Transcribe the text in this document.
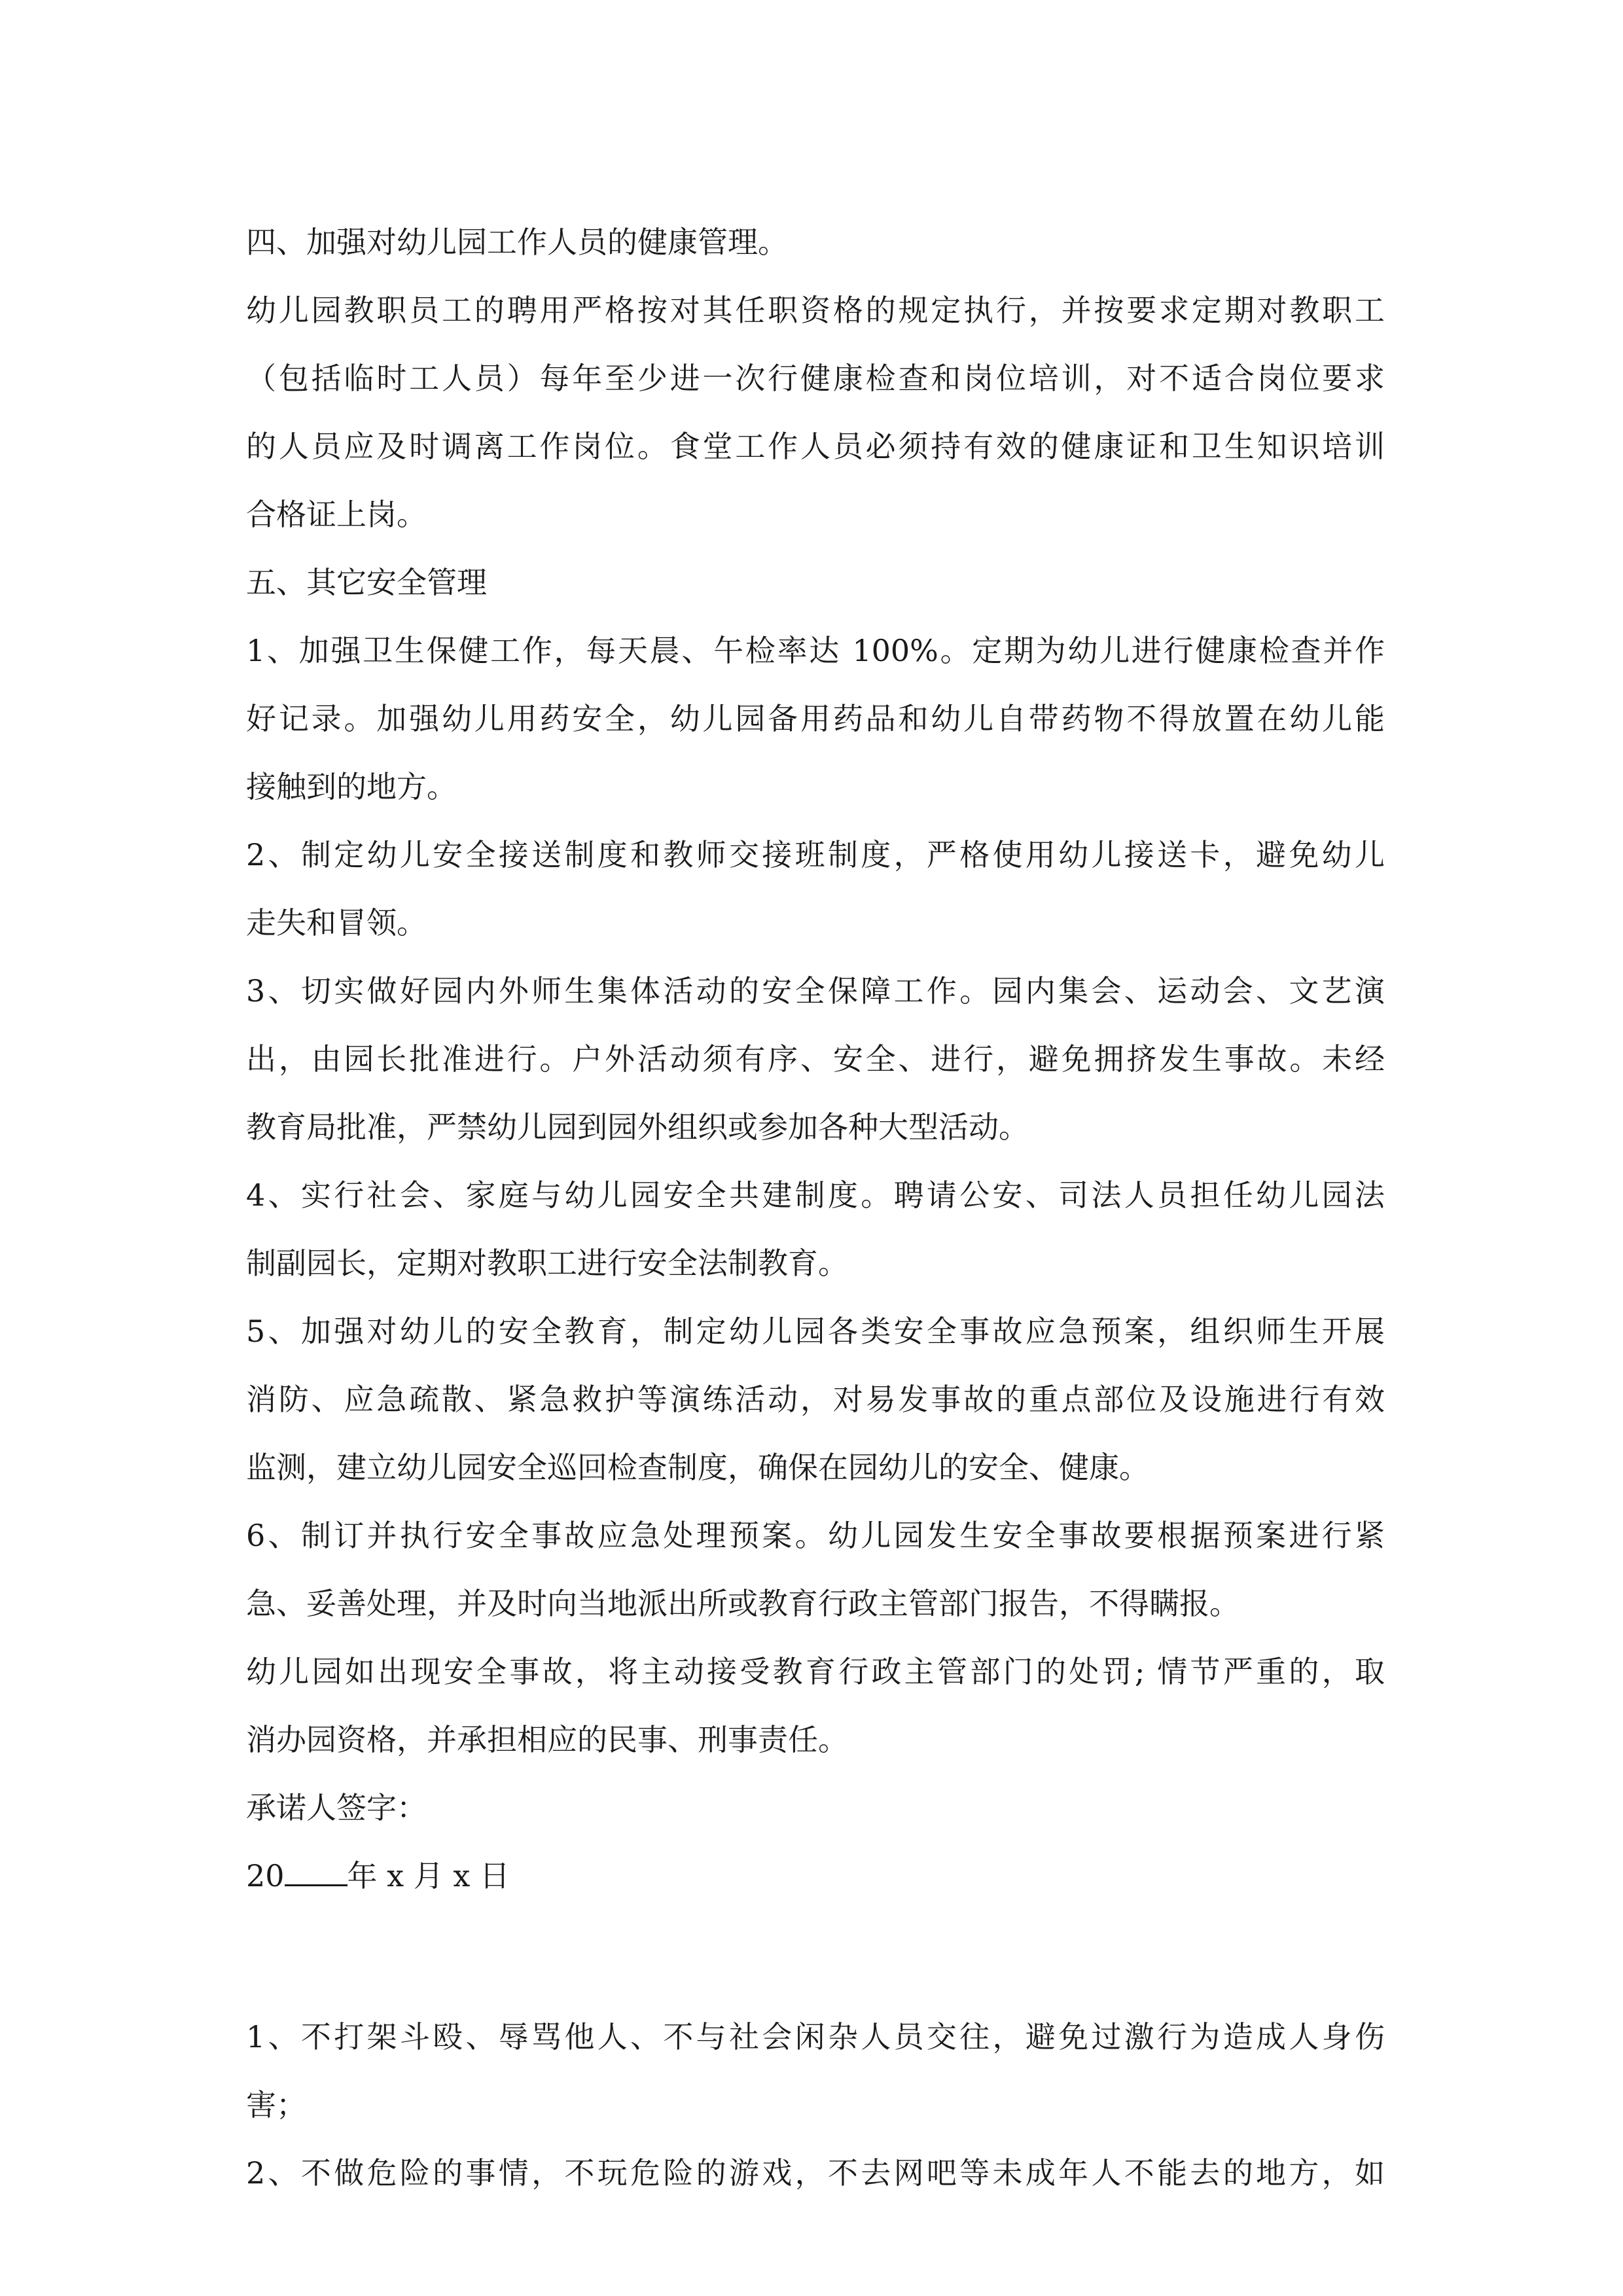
四、加强对幼儿园工作人员的健康管理。

幼儿园教职员工的聘用严格按对其任职资格的规定执行，并按要求定期对教职工

（包括临时工人员）每年至少进一次行健康检查和岗位培训，对不适合岗位要求

的人员应及时调离工作岗位。食堂工作人员必须持有效的健康证和卫生知识培训

合格证上岗。

五、其它安全管理

1、加强卫生保健工作，每天晨、午检率达 100%。定期为幼儿进行健康检查并作

好记录。加强幼儿用药安全，幼儿园备用药品和幼儿自带药物不得放置在幼儿能

接触到的地方。

2、制定幼儿安全接送制度和教师交接班制度，严格使用幼儿接送卡，避免幼儿

走失和冒领。

3、切实做好园内外师生集体活动的安全保障工作。园内集会、运动会、文艺演

出，由园长批准进行。户外活动须有序、安全、进行，避免拥挤发生事故。未经

教育局批准，严禁幼儿园到园外组织或参加各种大型活动。

4、实行社会、家庭与幼儿园安全共建制度。聘请公安、司法人员担任幼儿园法

制副园长，定期对教职工进行安全法制教育。

5、加强对幼儿的安全教育，制定幼儿园各类安全事故应急预案，组织师生开展

消防、应急疏散、紧急救护等演练活动，对易发事故的重点部位及设施进行有效

监测，建立幼儿园安全巡回检查制度，确保在园幼儿的安全、健康。

6、制订并执行安全事故应急处理预案。幼儿园发生安全事故要根据预案进行紧

急、妥善处理，并及时向当地派出所或教育行政主管部门报告，不得瞒报。

幼儿园如出现安全事故，将主动接受教育行政主管部门的处罚; 情节严重的，取

消办园资格，并承担相应的民事、刑事责任。

承诺人签字：

20 年 x 月 x 日

1、不打架斗殴、辱骂他人、不与社会闲杂人员交往，避免过激行为造成人身伤

害；

2、不做危险的事情，不玩危险的游戏，不去网吧等未成年人不能去的地方，如
